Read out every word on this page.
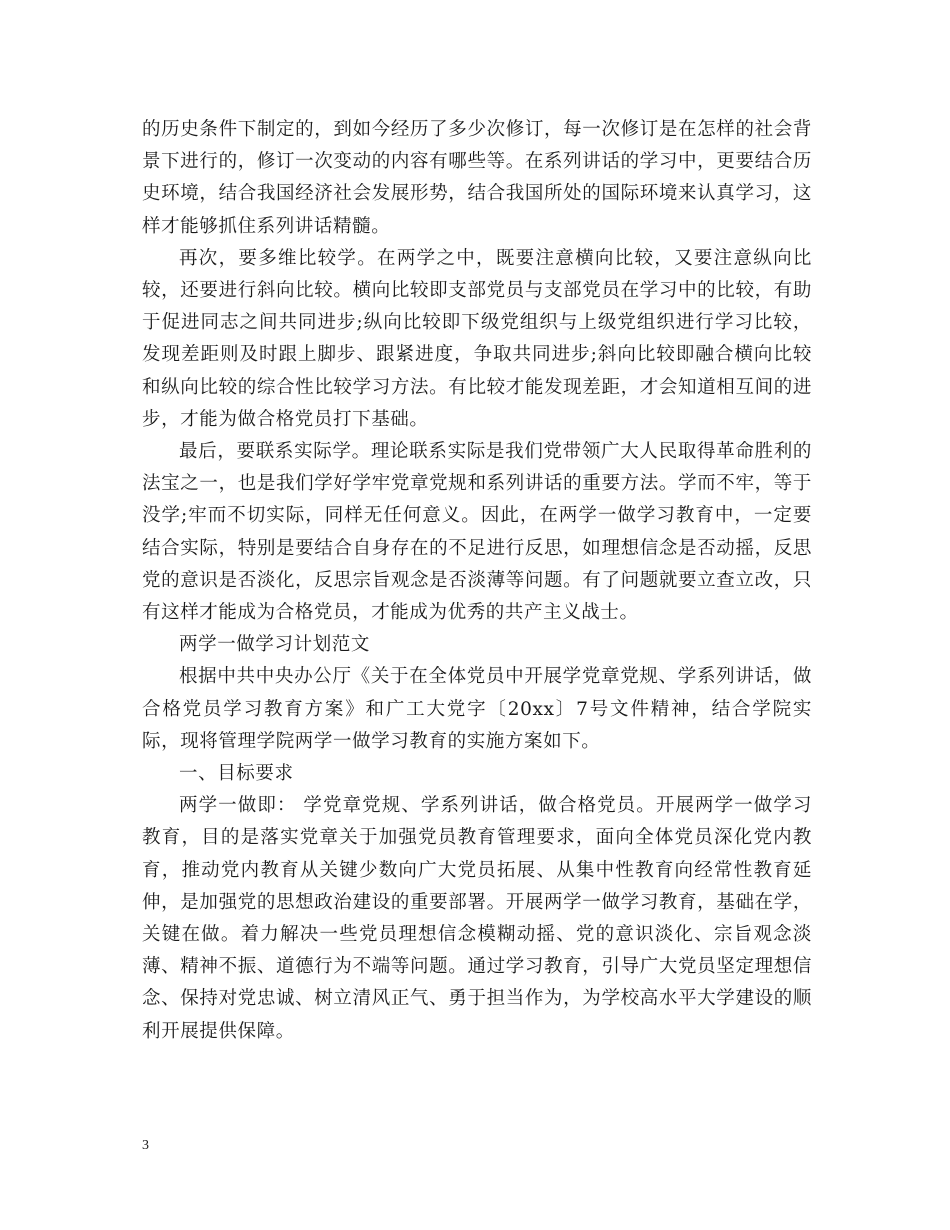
的历史条件下制定的，到如今经历了多少次修订，每一次修订是在怎样的社会背景下进行的，修订一次变动的内容有哪些等。在系列讲话的学习中，更要结合历史环境，结合我国经济社会发展形势，结合我国所处的国际环境来认真学习，这样才能够抓住系列讲话精髓。

再次，要多维比较学。在两学之中，既要注意横向比较，又要注意纵向比较，还要进行斜向比较。横向比较即支部党员与支部党员在学习中的比较，有助于促进同志之间共同进步;纵向比较即下级党组织与上级党组织进行学习比较，发现差距则及时跟上脚步、跟紧进度，争取共同进步;斜向比较即融合横向比较和纵向比较的综合性比较学习方法。有比较才能发现差距，才会知道相互间的进步，才能为做合格党员打下基础。

最后，要联系实际学。理论联系实际是我们党带领广大人民取得革命胜利的法宝之一，也是我们学好学牢党章党规和系列讲话的重要方法。学而不牢，等于没学;牢而不切实际，同样无任何意义。因此，在两学一做学习教育中，一定要结合实际，特别是要结合自身存在的不足进行反思，如理想信念是否动摇，反思党的意识是否淡化，反思宗旨观念是否淡薄等问题。有了问题就要立查立改，只有这样才能成为合格党员，才能成为优秀的共产主义战士。

两学一做学习计划范文

根据中共中央办公厅《关于在全体党员中开展学党章党规、学系列讲话，做合格党员学习教育方案》和广工大党字〔20xx〕7号文件精神，结合学院实际，现将管理学院两学一做学习教育的实施方案如下。

一、目标要求

两学一做即： 学党章党规、学系列讲话，做合格党员。开展两学一做学习教育，目的是落实党章关于加强党员教育管理要求，面向全体党员深化党内教育，推动党内教育从关键少数向广大党员拓展、从集中性教育向经常性教育延伸，是加强党的思想政治建设的重要部署。开展两学一做学习教育，基础在学，关键在做。着力解决一些党员理想信念模糊动摇、党的意识淡化、宗旨观念淡薄、精神不振、道德行为不端等问题。通过学习教育，引导广大党员坚定理想信念、保持对党忠诚、树立清风正气、勇于担当作为，为学校高水平大学建设的顺利开展提供保障。

3
